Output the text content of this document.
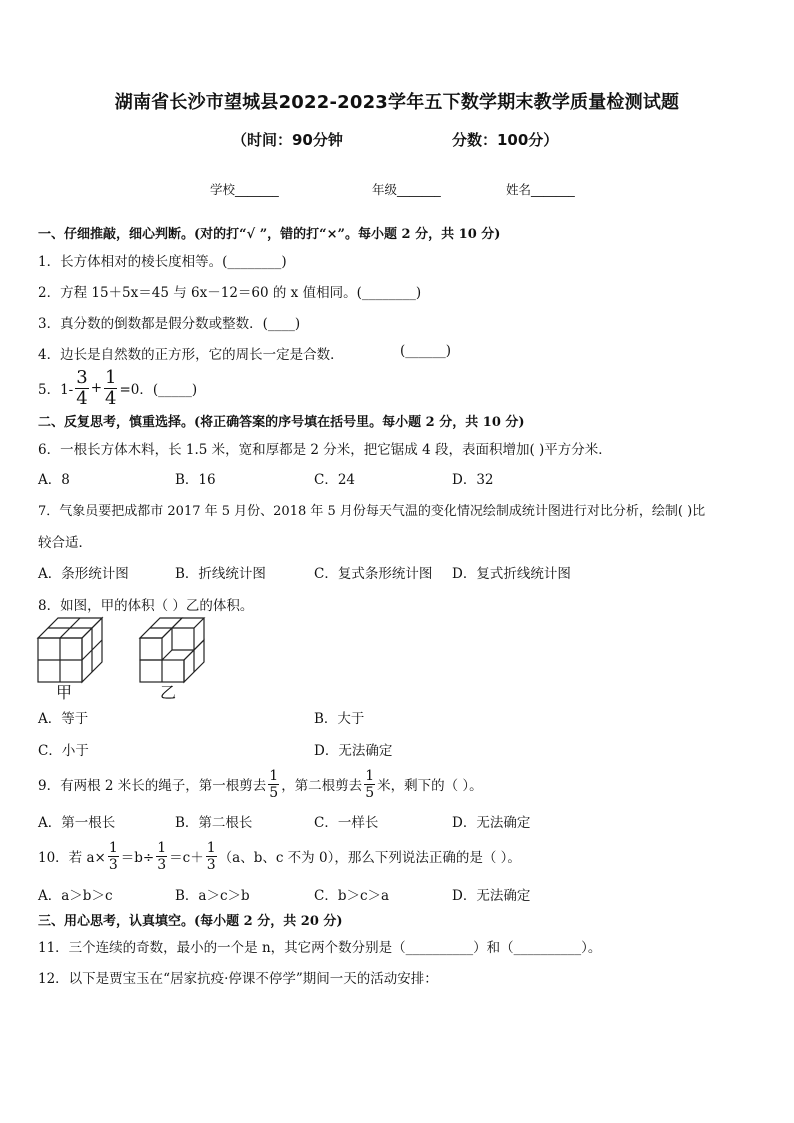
湖南省长沙市望城县2022-2023学年五下数学期末教学质量检测试题
（时间：90分钟	分数：100分）
学校_______	年级_______	姓名_______
一、仔细推敲，细心判断。(对的打“√ ”，错的打“×”。每小题 2 分，共 10 分)
1．长方体相对的棱长度相等。(________)
2．方程 15＋5x＝45 与 6x－12＝60 的 x 值相同。(________)
3．真分数的倒数都是假分数或整数．(____)
4．边长是自然数的正方形，它的周长一定是合数．	(______)
5．$1- \frac{3}{4} + \frac{1}{4} =0$．(_____)
二、反复思考，慎重选择。(将正确答案的序号填在括号里。每小题 2 分，共 10 分)
6．一根长方体木料，长 1.5 米，宽和厚都是 2 分米，把它锯成 4 段，表面积增加( )平方分米．
A．8	B．16	C．24	D．32
7．气象员要把成都市 2017 年 5 月份、2018 年 5 月份每天气温的变化情况绘制成统计图进行对比分析，绘制( )比
较合适．
A．条形统计图	B．折线统计图	C．复式条形统计图 D．复式折线统计图
8．如图，甲的体积（ ）乙的体积。
甲	乙
A．等于	B．大于
C．小于	D．无法确定
9．有两根 2 米长的绳子，第一根剪去 $\frac{1}{5}$ ，第二根剪去 $\frac{1}{5}$ 米，剩下的（ ）。
A．第一根长	B．第二根长	C．一样长	D．无法确定
10．若 $a\times \frac{1}{3} =b\div \frac{1}{3} =c+ \frac{1}{3} (a$、b、c 不为 0），那么下列说法正确的是（ ）。
A．a＞b＞c	B．a＞c＞b	C．b＞c＞a	D．无法确定
三、用心思考，认真填空。(每小题 2 分，共 20 分)
11．三个连续的奇数，最小的一个是 n，其它两个数分别是（__________）和（__________）。
12．以下是贾宝玉在“居家抗疫·停课不停学”期间一天的活动安排：
